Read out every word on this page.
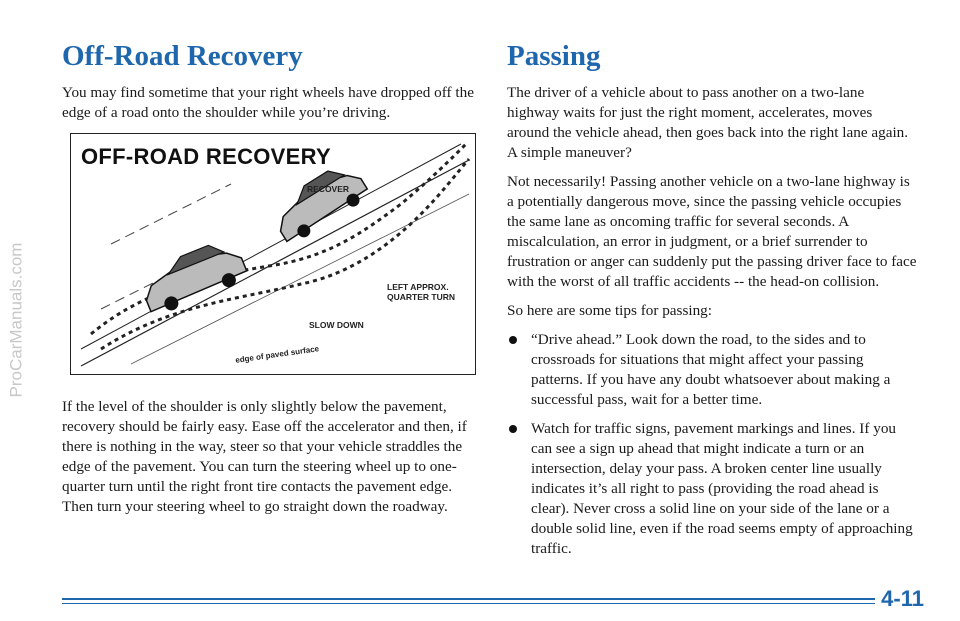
ProCarManuals.com
Off-Road Recovery

You may find sometime that your right wheels have dropped off the edge of a road onto the shoulder while you’re driving.

OFF-ROAD RECOVERY
RECOVER
LEFT APPROX. QUARTER TURN
SLOW DOWN
edge of paved surface

If the level of the shoulder is only slightly below the pavement, recovery should be fairly easy. Ease off the accelerator and then, if there is nothing in the way, steer so that your vehicle straddles the edge of the pavement. You can turn the steering wheel up to one-quarter turn until the right front tire contacts the pavement edge. Then turn your steering wheel to go straight down the roadway.

Passing

The driver of a vehicle about to pass another on a two-lane highway waits for just the right moment, accelerates, moves around the vehicle ahead, then goes back into the right lane again. A simple maneuver?

Not necessarily! Passing another vehicle on a two-lane highway is a potentially dangerous move, since the passing vehicle occupies the same lane as oncoming traffic for several seconds. A miscalculation, an error in judgment, or a brief surrender to frustration or anger can suddenly put the passing driver face to face with the worst of all traffic accidents -- the head-on collision.

So here are some tips for passing:

“Drive ahead.” Look down the road, to the sides and to crossroads for situations that might affect your passing patterns. If you have any doubt whatsoever about making a successful pass, wait for a better time.
Watch for traffic signs, pavement markings and lines. If you can see a sign up ahead that might indicate a turn or an intersection, delay your pass. A broken center line usually indicates it’s all right to pass (providing the road ahead is clear). Never cross a solid line on your side of the lane or a double solid line, even if the road seems empty of approaching traffic.
4-11
